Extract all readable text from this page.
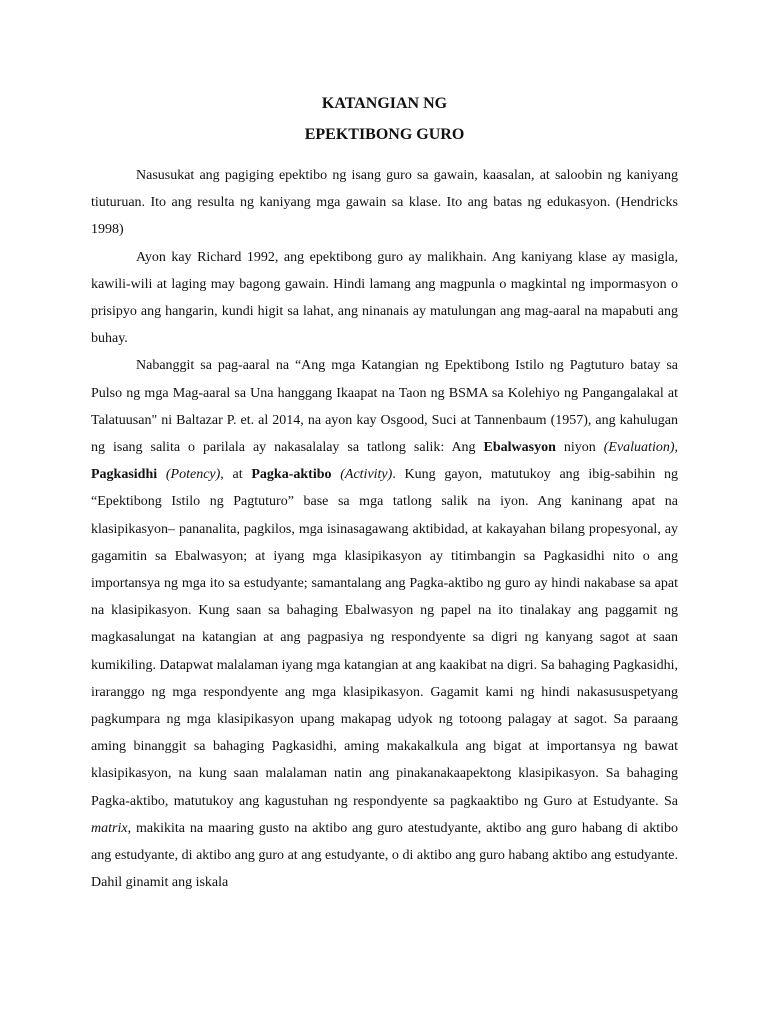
KATANGIAN NG

EPEKTIBONG GURO

Nasusukat ang pagiging epektibo ng isang guro sa gawain, kaasalan, at saloobin ng kaniyang tiuturuan. Ito ang resulta ng kaniyang mga gawain sa klase. Ito ang batas ng edukasyon. (Hendricks 1998)

Ayon kay Richard 1992, ang epektibong guro ay malikhain. Ang kaniyang klase ay masigla, kawili-wili at laging may bagong gawain. Hindi lamang ang magpunla o magkintal ng impormasyon o prisipyo ang hangarin, kundi higit sa lahat, ang ninanais ay matulungan ang mag-aaral na mapabuti ang buhay.

Nabanggit sa pag-aaral na “Ang mga Katangian ng Epektibong Istilo ng Pagtuturo batay sa Pulso ng mga Mag-aaral sa Una hanggang Ikaapat na Taon ng BSMA sa Kolehiyo ng Pangangalakal at Talatuusan" ni Baltazar P. et. al 2014, na ayon kay Osgood, Suci at Tannenbaum (1957), ang kahulugan ng isang salita o parilala ay nakasalalay sa tatlong salik: Ang Ebalwasyon niyon (Evaluation), Pagkasidhi (Potency), at Pagka-aktibo (Activity). Kung gayon, matutukoy ang ibig-sabihin ng “Epektibong Istilo ng Pagtuturo” base sa mga tatlong salik na iyon. Ang kaninang apat na klasipikasyon– pananalita, pagkilos, mga isinasagawang aktibidad, at kakayahan bilang propesyonal, ay gagamitin sa Ebalwasyon; at iyang mga klasipikasyon ay titimbangin sa Pagkasidhi nito o ang importansya ng mga ito sa estudyante; samantalang ang Pagka-aktibo ng guro ay hindi nakabase sa apat na klasipikasyon. Kung saan sa bahaging Ebalwasyon ng papel na ito tinalakay ang paggamit ng magkasalungat na katangian at ang pagpasiya ng respondyente sa digri ng kanyang sagot at saan kumikiling. Datapwat malalaman iyang mga katangian at ang kaakibat na digri. Sa bahaging Pagkasidhi, iraranggo ng mga respondyente ang mga klasipikasyon. Gagamit kami ng hindi nakasususpetyang pagkumpara ng mga klasipikasyon upang makapag udyok ng totoong palagay at sagot. Sa paraang aming binanggit sa bahaging Pagkasidhi, aming makakalkula ang bigat at importansya ng bawat klasipikasyon, na kung saan malalaman natin ang pinakanakaapektong klasipikasyon. Sa bahaging Pagka-aktibo, matutukoy ang kagustuhan ng respondyente sa pagkaaktibo ng Guro at Estudyante. Sa matrix, makikita na maaring gusto na aktibo ang guro atestudyante, aktibo ang guro habang di aktibo ang estudyante, di aktibo ang guro at ang estudyante, o di aktibo ang guro habang aktibo ang estudyante. Dahil ginamit ang iskala
